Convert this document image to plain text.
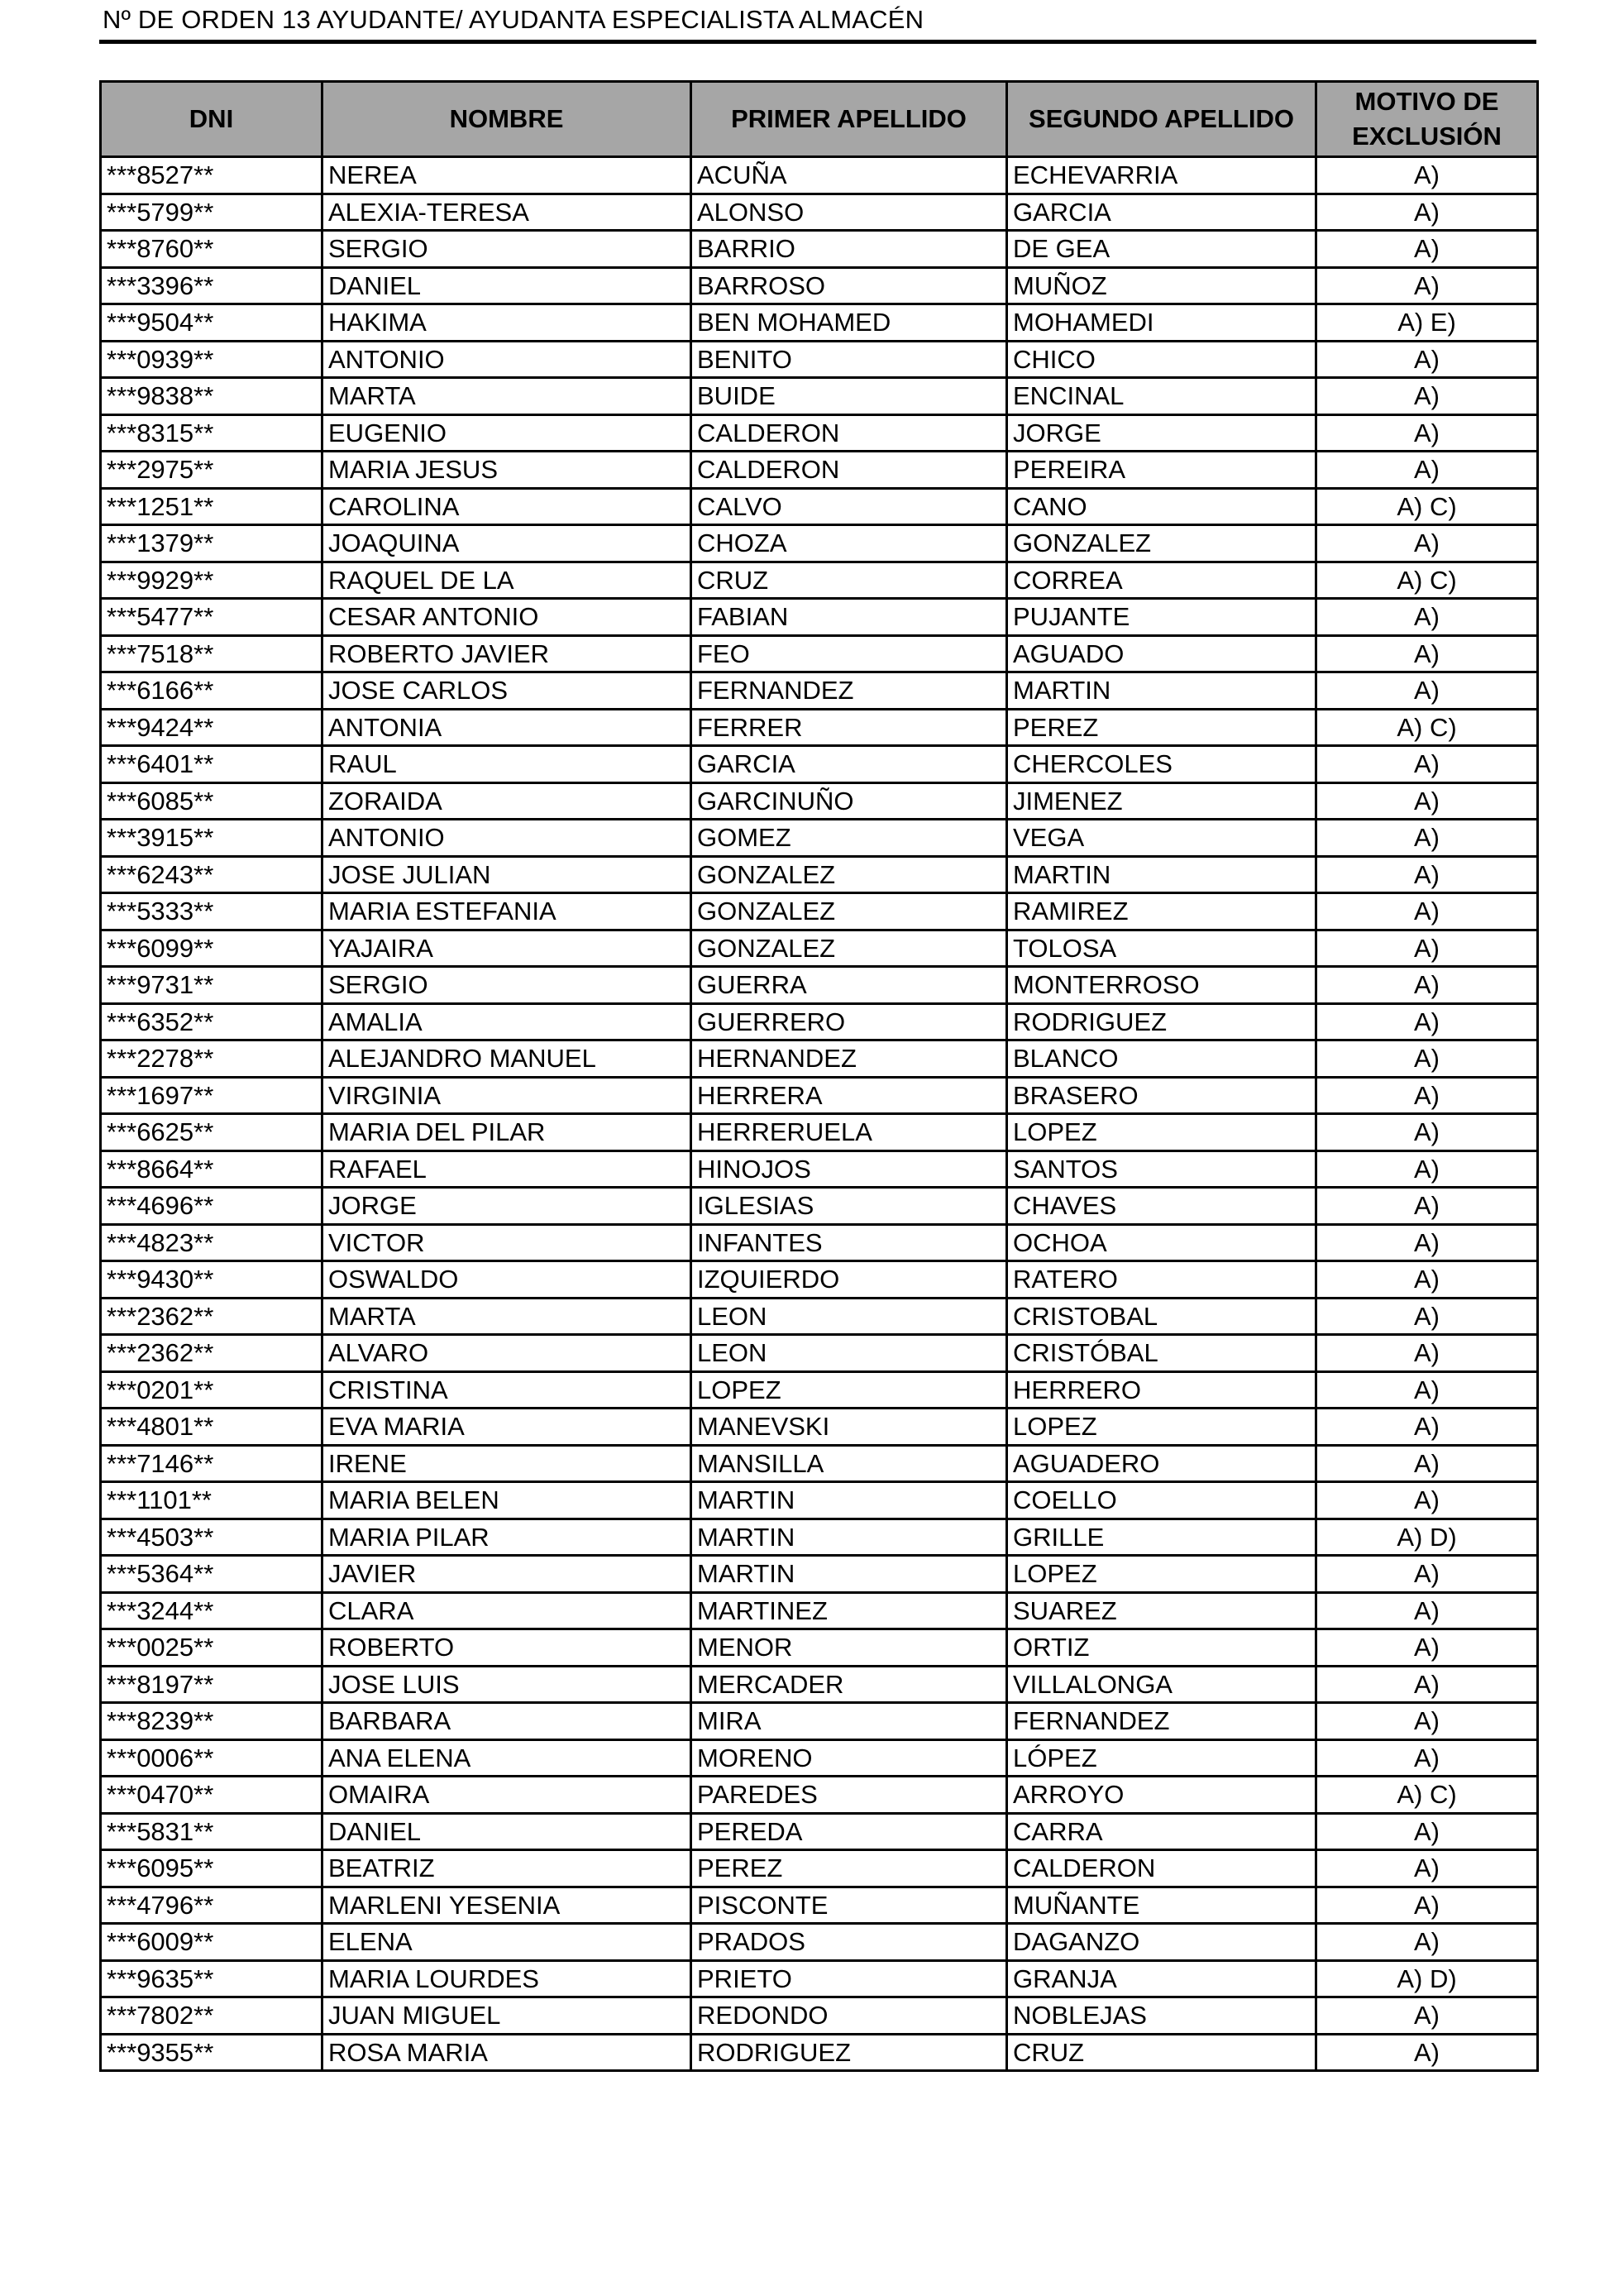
Nº DE ORDEN 13 AYUDANTE/ AYUDANTA ESPECIALISTA ALMACÉN
DNI	NOMBRE	PRIMER APELLIDO	SEGUNDO APELLIDO	MOTIVO DE EXCLUSIÓN
***8527**	NEREA	ACUÑA	ECHEVARRIA	A)
***5799**	ALEXIA-TERESA	ALONSO	GARCIA	A)
***8760**	SERGIO	BARRIO	DE GEA	A)
***3396**	DANIEL	BARROSO	MUÑOZ	A)
***9504**	HAKIMA	BEN MOHAMED	MOHAMEDI	A) E)
***0939**	ANTONIO	BENITO	CHICO	A)
***9838**	MARTA	BUIDE	ENCINAL	A)
***8315**	EUGENIO	CALDERON	JORGE	A)
***2975**	MARIA JESUS	CALDERON	PEREIRA	A)
***1251**	CAROLINA	CALVO	CANO	A) C)
***1379**	JOAQUINA	CHOZA	GONZALEZ	A)
***9929**	RAQUEL DE LA	CRUZ	CORREA	A) C)
***5477**	CESAR ANTONIO	FABIAN	PUJANTE	A)
***7518**	ROBERTO JAVIER	FEO	AGUADO	A)
***6166**	JOSE CARLOS	FERNANDEZ	MARTIN	A)
***9424**	ANTONIA	FERRER	PEREZ	A) C)
***6401**	RAUL	GARCIA	CHERCOLES	A)
***6085**	ZORAIDA	GARCINUÑO	JIMENEZ	A)
***3915**	ANTONIO	GOMEZ	VEGA	A)
***6243**	JOSE JULIAN	GONZALEZ	MARTIN	A)
***5333**	MARIA ESTEFANIA	GONZALEZ	RAMIREZ	A)
***6099**	YAJAIRA	GONZALEZ	TOLOSA	A)
***9731**	SERGIO	GUERRA	MONTERROSO	A)
***6352**	AMALIA	GUERRERO	RODRIGUEZ	A)
***2278**	ALEJANDRO MANUEL	HERNANDEZ	BLANCO	A)
***1697**	VIRGINIA	HERRERA	BRASERO	A)
***6625**	MARIA DEL PILAR	HERRERUELA	LOPEZ	A)
***8664**	RAFAEL	HINOJOS	SANTOS	A)
***4696**	JORGE	IGLESIAS	CHAVES	A)
***4823**	VICTOR	INFANTES	OCHOA	A)
***9430**	OSWALDO	IZQUIERDO	RATERO	A)
***2362**	MARTA	LEON	CRISTOBAL	A)
***2362**	ALVARO	LEON	CRISTÓBAL	A)
***0201**	CRISTINA	LOPEZ	HERRERO	A)
***4801**	EVA MARIA	MANEVSKI	LOPEZ	A)
***7146**	IRENE	MANSILLA	AGUADERO	A)
***1101**	MARIA BELEN	MARTIN	COELLO	A)
***4503**	MARIA PILAR	MARTIN	GRILLE	A) D)
***5364**	JAVIER	MARTIN	LOPEZ	A)
***3244**	CLARA	MARTINEZ	SUAREZ	A)
***0025**	ROBERTO	MENOR	ORTIZ	A)
***8197**	JOSE LUIS	MERCADER	VILLALONGA	A)
***8239**	BARBARA	MIRA	FERNANDEZ	A)
***0006**	ANA ELENA	MORENO	LÓPEZ	A)
***0470**	OMAIRA	PAREDES	ARROYO	A) C)
***5831**	DANIEL	PEREDA	CARRA	A)
***6095**	BEATRIZ	PEREZ	CALDERON	A)
***4796**	MARLENI YESENIA	PISCONTE	MUÑANTE	A)
***6009**	ELENA	PRADOS	DAGANZO	A)
***9635**	MARIA LOURDES	PRIETO	GRANJA	A) D)
***7802**	JUAN MIGUEL	REDONDO	NOBLEJAS	A)
***9355**	ROSA MARIA	RODRIGUEZ	CRUZ	A)
